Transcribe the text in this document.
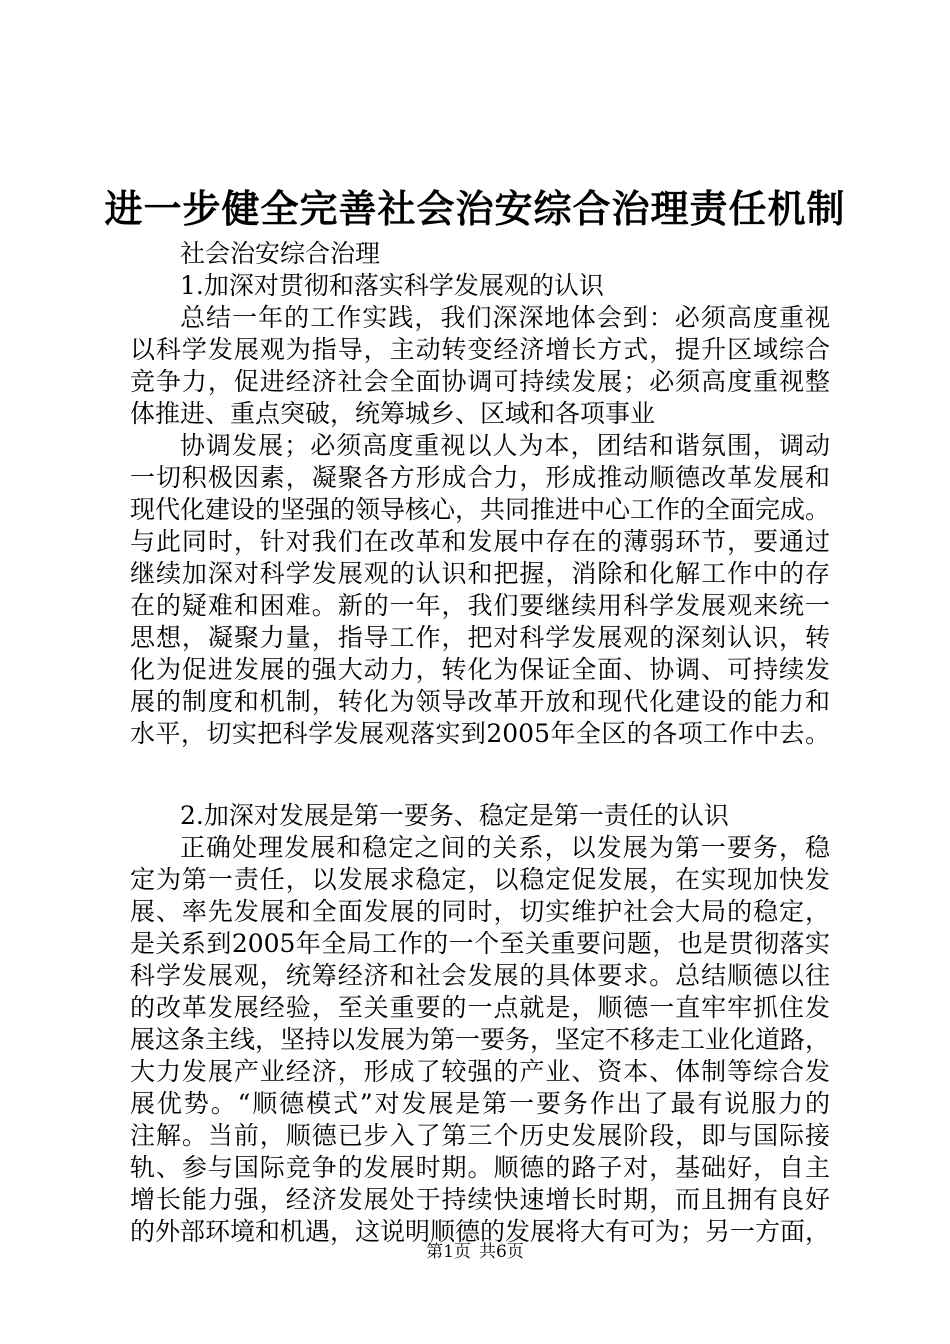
进一步健全完善社会治安综合治理责任机制
社会治安综合治理
1.加深对贯彻和落实科学发展观的认识
总结一年的工作实践，我们深深地体会到：必须高度重视
以科学发展观为指导，主动转变经济增长方式，提升区域综合
竞争力，促进经济社会全面协调可持续发展；必须高度重视整
体推进、重点突破，统筹城乡、区域和各项事业
协调发展；必须高度重视以人为本，团结和谐氛围，调动
一切积极因素，凝聚各方形成合力，形成推动顺德改革发展和
现代化建设的坚强的领导核心，共同推进中心工作的全面完成。
与此同时，针对我们在改革和发展中存在的薄弱环节，要通过
继续加深对科学发展观的认识和把握，消除和化解工作中的存
在的疑难和困难。新的一年，我们要继续用科学发展观来统一
思想，凝聚力量，指导工作，把对科学发展观的深刻认识，转
化为促进发展的强大动力，转化为保证全面、协调、可持续发
展的制度和机制，转化为领导改革开放和现代化建设的能力和
水平，切实把科学发展观落实到2005年全区的各项工作中去。
2.加深对发展是第一要务、稳定是第一责任的认识
正确处理发展和稳定之间的关系，以发展为第一要务，稳
定为第一责任，以发展求稳定，以稳定促发展，在实现加快发
展、率先发展和全面发展的同时，切实维护社会大局的稳定，
是关系到2005年全局工作的一个至关重要问题，也是贯彻落实
科学发展观，统筹经济和社会发展的具体要求。总结顺德以往
的改革发展经验，至关重要的一点就是，顺德一直牢牢抓住发
展这条主线，坚持以发展为第一要务，坚定不移走工业化道路，
大力发展产业经济，形成了较强的产业、资本、体制等综合发
展优势。“顺德模式”对发展是第一要务作出了最有说服力的
注解。当前，顺德已步入了第三个历史发展阶段，即与国际接
轨、参与国际竞争的发展时期。顺德的路子对，基础好，自主
增长能力强，经济发展处于持续快速增长时期，而且拥有良好
的外部环境和机遇，这说明顺德的发展将大有可为；另一方面，
第1页 共6页
